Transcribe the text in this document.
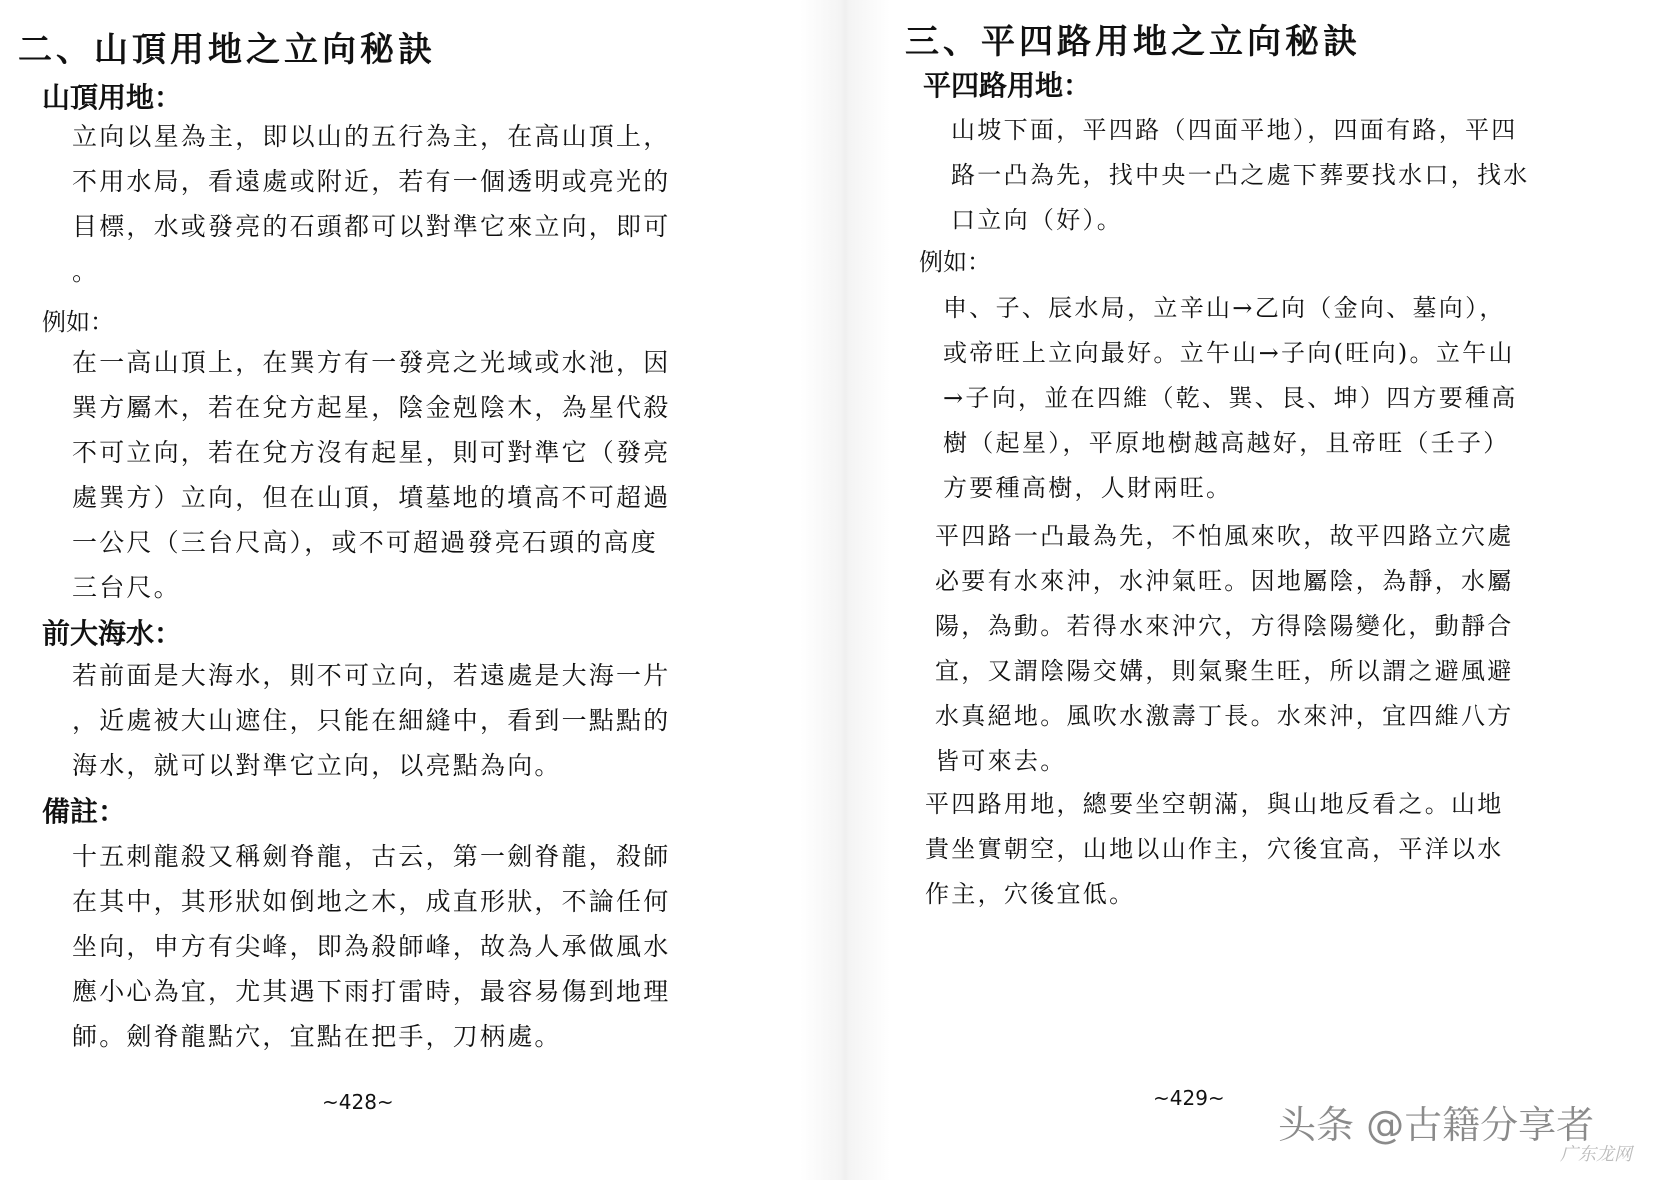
二、山頂用地之立向秘訣
山頂用地：
立向以星為主，即以山的五行為主，在高山頂上，
不用水局，看遠處或附近，若有一個透明或亮光的
目標，水或發亮的石頭都可以對準它來立向，即可
。
例如：
在一高山頂上，在巽方有一發亮之光域或水池，因
巽方屬木，若在兌方起星，陰金剋陰木，為星代殺
不可立向，若在兌方沒有起星，則可對準它（發亮
處巽方）立向，但在山頂，墳墓地的墳高不可超過
一公尺（三台尺高），或不可超過發亮石頭的高度
三台尺。
前大海水：
若前面是大海水，則不可立向，若遠處是大海一片
，近處被大山遮住，只能在細縫中，看到一點點的
海水，就可以對準它立向，以亮點為向。
備註：
十五刺龍殺又稱劍脊龍，古云，第一劍脊龍，殺師
在其中，其形狀如倒地之木，成直形狀，不論任何
坐向，申方有尖峰，即為殺師峰，故為人承做風水
應小心為宜，尤其遇下雨打雷時，最容易傷到地理
師。劍脊龍點穴，宜點在把手，刀柄處。
~428~
三、平四路用地之立向秘訣
平四路用地：
山坡下面，平四路（四面平地），四面有路，平四
路一凸為先，找中央一凸之處下葬要找水口，找水
口立向（好）。
例如：
申、子、辰水局，立辛山→乙向（金向、墓向），
或帝旺上立向最好。立午山→子向(旺向)。立午山
→子向，並在四維（乾、巽、艮、坤）四方要種高
樹（起星），平原地樹越高越好，且帝旺（壬子）
方要種高樹，人財兩旺。
平四路一凸最為先，不怕風來吹，故平四路立穴處
必要有水來沖，水沖氣旺。因地屬陰，為靜，水屬
陽，為動。若得水來沖穴，方得陰陽變化，動靜合
宜，又謂陰陽交媾，則氣聚生旺，所以謂之避風避
水真絕地。風吹水激壽丁長。水來沖，宜四維八方
皆可來去。
平四路用地，總要坐空朝滿，與山地反看之。山地
貴坐實朝空，山地以山作主，穴後宜高，平洋以水
作主，穴後宜低。
~429~
头条 @古籍分享者
广东龙网
